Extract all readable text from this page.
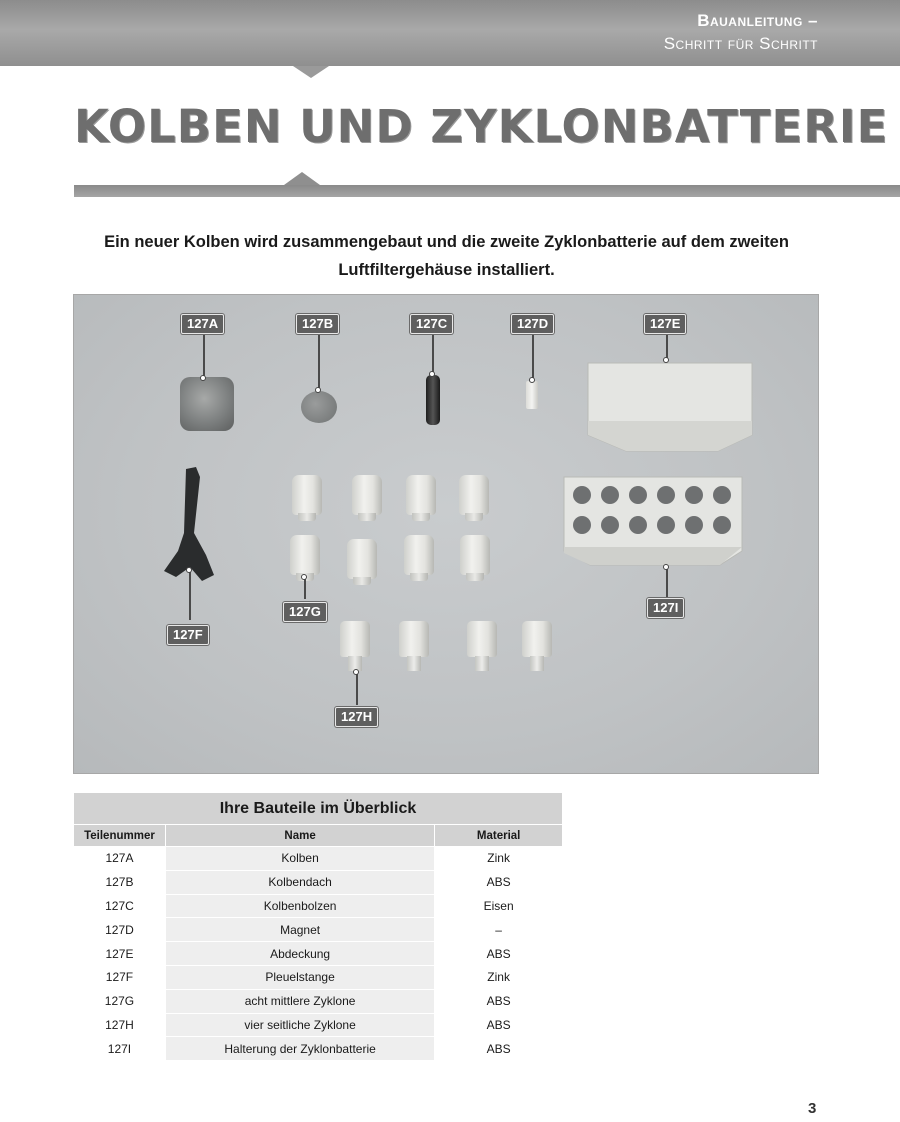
Bauanleitung –
Schritt für Schritt
KOLBEN UND ZYKLONBATTERIE

Ein neuer Kolben wird zusammengebaut und die zweite Zyklonbatterie auf dem zweiten Luftfiltergehäuse installiert.

127A	127B	127C	127D	127E
127F
127G
127H
127I
Ihre Bauteile im Überblick		
Teilenummer	Name	Material
127A	Kolben	Zink
127B	Kolbendach	ABS
127C	Kolbenbolzen	Eisen
127D	Magnet	–
127E	Abdeckung	ABS
127F	Pleuelstange	Zink
127G	acht mittlere Zyklone	ABS
127H	vier seitliche Zyklone	ABS
127I	Halterung der Zyklonbatterie	ABS
3
